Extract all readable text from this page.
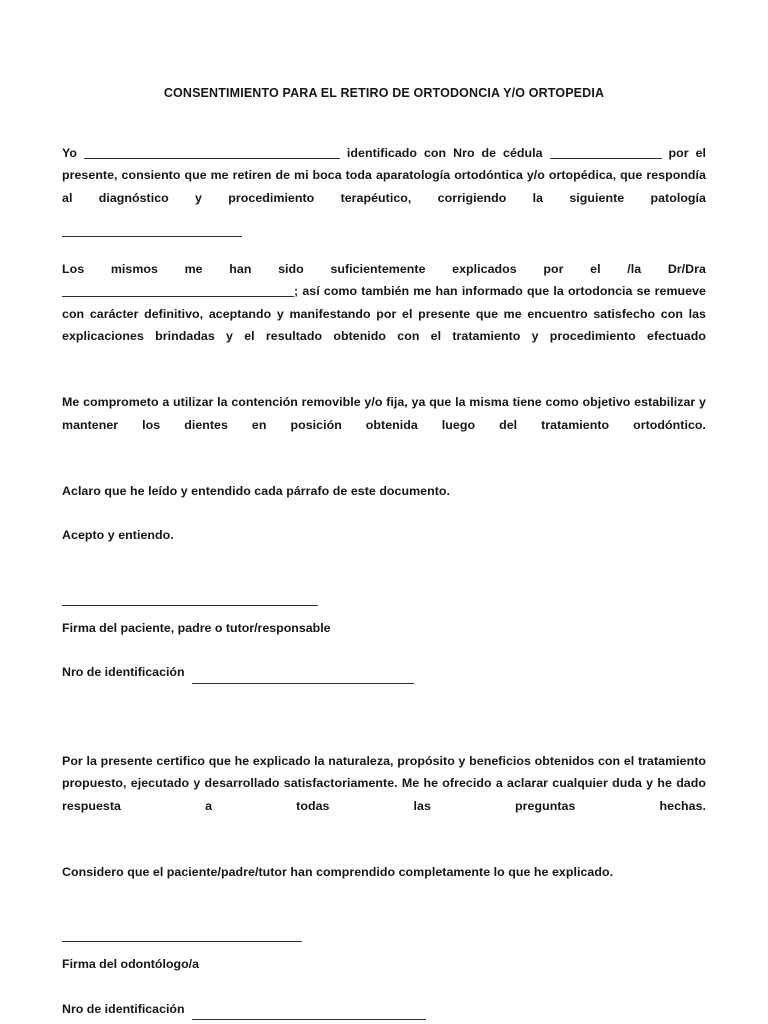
CONSENTIMIENTO PARA EL RETIRO DE ORTODONCIA Y/O ORTOPEDIA

Yo	identificado con Nro de cédula	por el presente, consiento que me retiren de mi boca toda aparatología ortodóntica y/o ortopédica, que respondía al diagnóstico y procedimiento terapéutico, corrigiendo la siguiente patología

Los mismos me han sido suficientemente explicados por el /la Dr/Dra ; así como también me han informado que la ortodoncia se remueve con carácter definitivo, aceptando y manifestando por el presente que me encuentro satisfecho con las explicaciones brindadas y el resultado obtenido con el tratamiento y procedimiento efectuado

Me comprometo a utilizar la contención removible y/o fija, ya que la misma tiene como objetivo estabilizar y mantener los dientes en posición obtenida luego del tratamiento ortodóntico.

Aclaro que he leído y entendido cada párrafo de este documento.

Acepto y entiendo.

Firma del paciente, padre o tutor/responsable

Nro de identificación

Por la presente certifico que he explicado la naturaleza, propósito y beneficios obtenidos con el tratamiento propuesto, ejecutado y desarrollado satisfactoriamente. Me he ofrecido a aclarar cualquier duda y he dado respuesta a todas las preguntas hechas.

Considero que el paciente/padre/tutor han comprendido completamente lo que he explicado.

Firma del odontólogo/a

Nro de identificación
